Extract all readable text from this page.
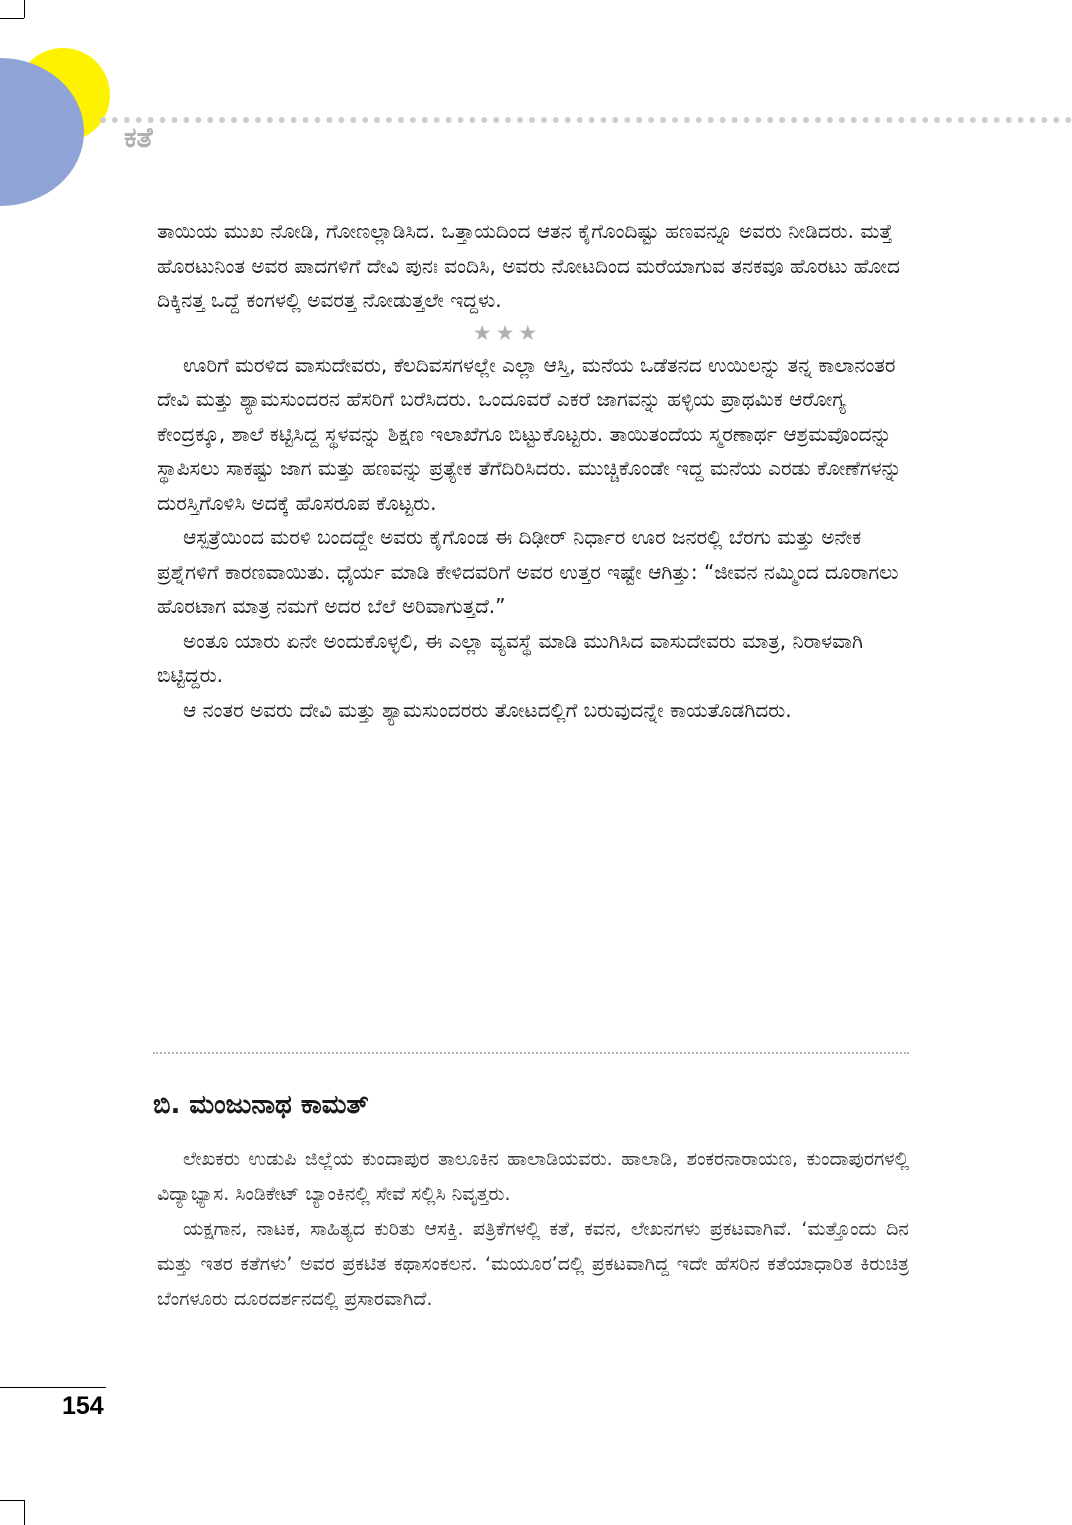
ಕತೆ

ತಾಯಿಯ ಮುಖ ನೋಡಿ, ಗೋಣಲ್ಲಾಡಿಸಿದ. ಒತ್ತಾಯದಿಂದ ಆತನ ಕೈಗೊಂದಿಷ್ಟು ಹಣವನ್ನೂ ಅವರು ನೀಡಿದರು. ಮತ್ತೆ ಹೊರಟುನಿಂತ ಅವರ ಪಾದಗಳಿಗೆ ದೇವಿ ಪುನಃ ವಂದಿಸಿ, ಅವರು ನೋಟದಿಂದ ಮರೆಯಾಗುವ ತನಕವೂ ಹೊರಟು ಹೋದ ದಿಕ್ಕಿನತ್ತ ಒದ್ದೆ ಕಂಗಳಲ್ಲಿ ಅವರತ್ತ ನೋಡುತ್ತಲೇ ಇದ್ದಳು.

★★★

ಊರಿಗೆ ಮರಳಿದ ವಾಸುದೇವರು, ಕೆಲದಿವಸಗಳಲ್ಲೇ ಎಲ್ಲಾ ಆಸ್ತಿ, ಮನೆಯ ಒಡೆತನದ ಉಯಿಲನ್ನು ತನ್ನ ಕಾಲಾನಂತರ ದೇವಿ ಮತ್ತು ಶ್ಯಾಮಸುಂದರನ ಹೆಸರಿಗೆ ಬರೆಸಿದರು. ಒಂದೂವರೆ ಎಕರೆ ಜಾಗವನ್ನು ಹಳ್ಳಿಯ ಪ್ರಾಥಮಿಕ ಆರೋಗ್ಯ ಕೇಂದ್ರಕ್ಕೂ, ಶಾಲೆ ಕಟ್ಟಿಸಿದ್ದ ಸ್ಥಳವನ್ನು ಶಿಕ್ಷಣ ಇಲಾಖೆಗೂ ಬಿಟ್ಟುಕೊಟ್ಟರು. ತಾಯಿತಂದೆಯ ಸ್ಮರಣಾರ್ಥ ಆಶ್ರಮವೊಂದನ್ನು ಸ್ಥಾಪಿಸಲು ಸಾಕಷ್ಟು ಜಾಗ ಮತ್ತು ಹಣವನ್ನು ಪ್ರತ್ಯೇಕ ತೆಗೆದಿರಿಸಿದರು. ಮುಚ್ಚಿಕೊಂಡೇ ಇದ್ದ ಮನೆಯ ಎರಡು ಕೋಣೆಗಳನ್ನು ದುರಸ್ತಿಗೊಳಿಸಿ ಅದಕ್ಕೆ ಹೊಸರೂಪ ಕೊಟ್ಟರು.

ಆಸ್ಪತ್ರೆಯಿಂದ ಮರಳಿ ಬಂದದ್ದೇ ಅವರು ಕೈಗೊಂಡ ಈ ದಿಢೀರ್ ನಿರ್ಧಾರ ಊರ ಜನರಲ್ಲಿ ಬೆರಗು ಮತ್ತು ಅನೇಕ ಪ್ರಶ್ನೆಗಳಿಗೆ ಕಾರಣವಾಯಿತು. ಧೈರ್ಯ ಮಾಡಿ ಕೇಳಿದವರಿಗೆ ಅವರ ಉತ್ತರ ಇಷ್ಟೇ ಆಗಿತ್ತು: “ಜೀವನ ನಮ್ಮಿಂದ ದೂರಾಗಲು ಹೊರಟಾಗ ಮಾತ್ರ ನಮಗೆ ಅದರ ಬೆಲೆ ಅರಿವಾಗುತ್ತದೆ.”

ಅಂತೂ ಯಾರು ಏನೇ ಅಂದುಕೊಳ್ಳಲಿ, ಈ ಎಲ್ಲಾ ವ್ಯವಸ್ಥೆ ಮಾಡಿ ಮುಗಿಸಿದ ವಾಸುದೇವರು ಮಾತ್ರ, ನಿರಾಳವಾಗಿ ಬಿಟ್ಟಿದ್ದರು.

ಆ ನಂತರ ಅವರು ದೇವಿ ಮತ್ತು ಶ್ಯಾಮಸುಂದರರು ತೋಟದಲ್ಲಿಗೆ ಬರುವುದನ್ನೇ ಕಾಯತೊಡಗಿದರು.

ಬಿ. ಮಂಜುನಾಥ ಕಾಮತ್

ಲೇಖಕರು ಉಡುಪಿ ಜಿಲ್ಲೆಯ ಕುಂದಾಪುರ ತಾಲೂಕಿನ ಹಾಲಾಡಿಯವರು. ಹಾಲಾಡಿ, ಶಂಕರನಾರಾಯಣ, ಕುಂದಾಪುರಗಳಲ್ಲಿ ವಿದ್ಯಾಭ್ಯಾಸ. ಸಿಂಡಿಕೇಟ್ ಬ್ಯಾಂಕಿನಲ್ಲಿ ಸೇವೆ ಸಲ್ಲಿಸಿ ನಿವೃತ್ತರು.

ಯಕ್ಷಗಾನ, ನಾಟಕ, ಸಾಹಿತ್ಯದ ಕುರಿತು ಆಸಕ್ತಿ. ಪತ್ರಿಕೆಗಳಲ್ಲಿ ಕತೆ, ಕವನ, ಲೇಖನಗಳು ಪ್ರಕಟವಾಗಿವೆ. ‘ಮತ್ತೊಂದು ದಿನ ಮತ್ತು ಇತರ ಕತೆಗಳು’ ಅವರ ಪ್ರಕಟಿತ ಕಥಾಸಂಕಲನ. ‘ಮಯೂರ’ದಲ್ಲಿ ಪ್ರಕಟವಾಗಿದ್ದ ಇದೇ ಹೆಸರಿನ ಕತೆಯಾಧಾರಿತ ಕಿರುಚಿತ್ರ ಬೆಂಗಳೂರು ದೂರದರ್ಶನದಲ್ಲಿ ಪ್ರಸಾರವಾಗಿದೆ.

154
